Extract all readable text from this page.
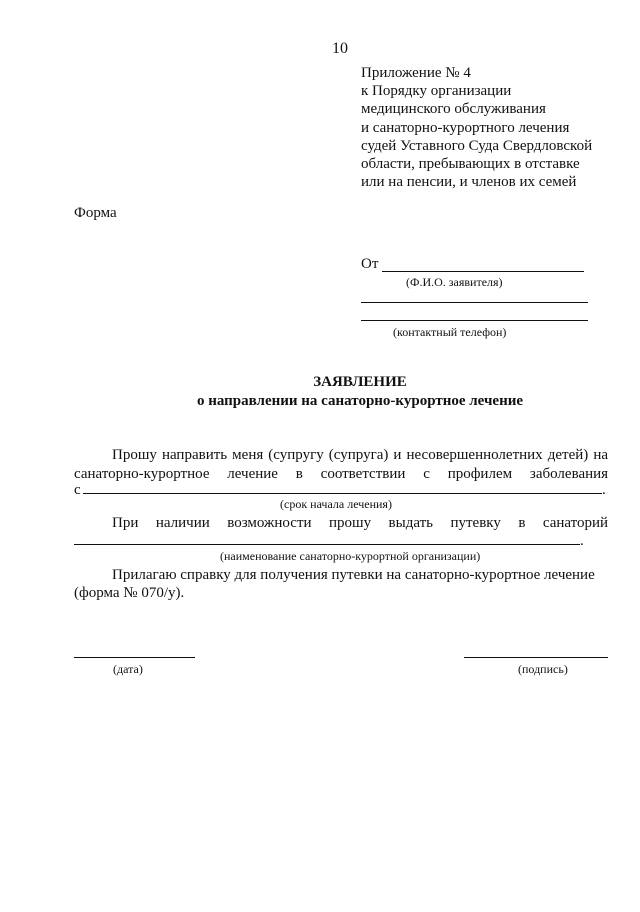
10
Приложение № 4
к Порядку организации
медицинского обслуживания
и санаторно-курортного лечения
судей Уставного Суда Свердловской
области, пребывающих в отставке
или на пенсии, и членов их семей
Форма
От
(Ф.И.О. заявителя)
(контактный телефон)
ЗАЯВЛЕНИЕ
о направлении на санаторно-курортное лечение
Прошу направить меня (супругу (супруга) и несовершеннолетних детей) на
санаторно-курортное лечение в соответствии с профилем заболевания
с	.
(срок начала лечения)
При наличии возможности прошу выдать путевку в санаторий
.
(наименование санаторно-курортной организации)
Прилагаю справку для получения путевки на санаторно-курортное лечение
(форма № 070/у).
(дата)	(подпись)
